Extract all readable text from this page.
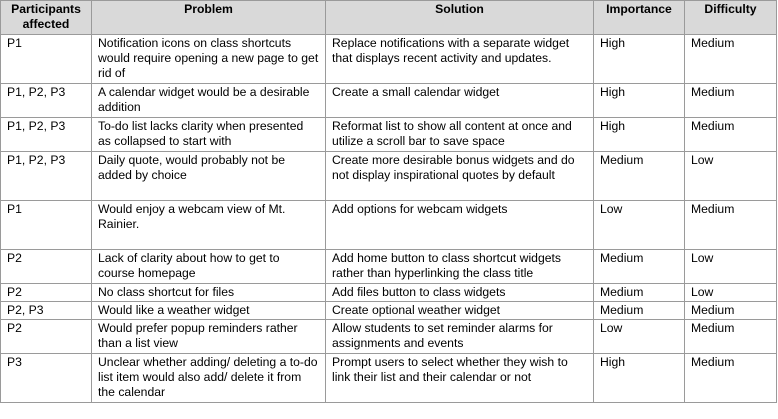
Participants
affected	Problem	Solution	Importance	Difficulty
P1	Notification icons on class shortcuts would require opening a new page to get rid of	Replace notifications with a separate widget that displays recent activity and updates.	High	Medium
P1, P2, P3	A calendar widget would be a desirable addition	Create a small calendar widget	High	Medium
P1, P2, P3	To-do list lacks clarity when presented as collapsed to start with	Reformat list to show all content at once and utilize a scroll bar to save space	High	Medium
P1, P2, P3	Daily quote, would probably not be added by choice	Create more desirable bonus widgets and do not display inspirational quotes by default	Medium	Low
P1	Would enjoy a webcam view of Mt. Rainier.	Add options for webcam widgets	Low	Medium
P2	Lack of clarity about how to get to course homepage	Add home button to class shortcut widgets rather than hyperlinking the class title	Medium	Low
P2	No class shortcut for files	Add files button to class widgets	Medium	Low
P2, P3	Would like a weather widget	Create optional weather widget	Medium	Medium
P2	Would prefer popup reminders rather than a list view	Allow students to set reminder alarms for assignments and events	Low	Medium
P3	Unclear whether adding/ deleting a to-do list item would also add/ delete it from the calendar	Prompt users to select whether they wish to link their list and their calendar or not	High	Medium
